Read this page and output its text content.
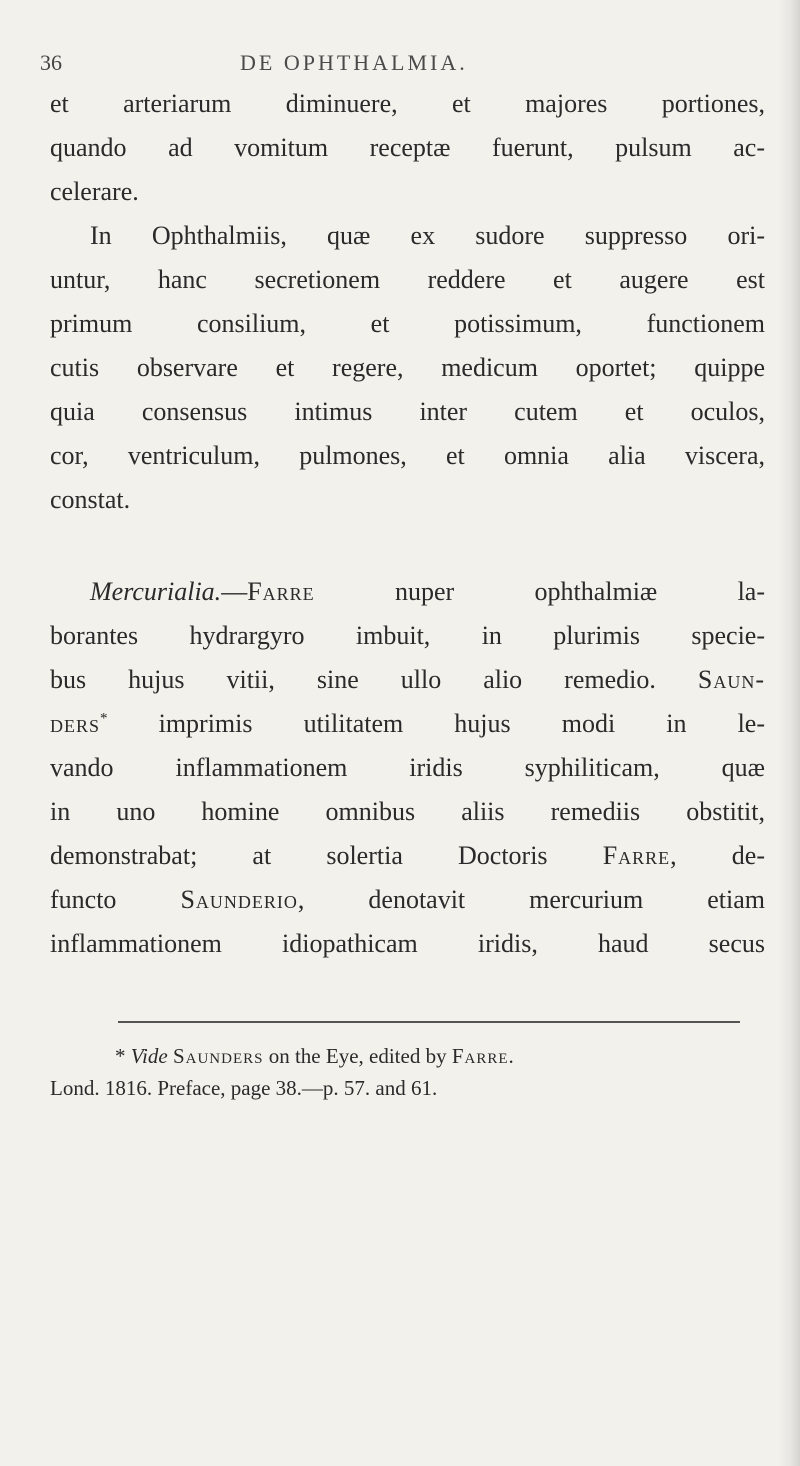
36	DE OPHTHALMIA.
et arteriarum diminuere, et majores portiones,
quando ad vomitum receptæ fuerunt, pulsum ac-
celerare.
In Ophthalmiis, quæ ex sudore suppresso ori-
untur, hanc secretionem reddere et augere est
primum consilium, et potissimum, functionem
cutis observare et regere, medicum oportet; quippe
quia consensus intimus inter cutem et oculos,
cor, ventriculum, pulmones, et omnia alia viscera,
constat.
Mercurialia.—Farre nuper ophthalmiæ la-
borantes hydrargyro imbuit, in plurimis specie-
bus hujus vitii, sine ullo alio remedio. Saun-
ders* imprimis utilitatem hujus modi in le-
vando inflammationem iridis syphiliticam, quæ
in uno homine omnibus aliis remediis obstitit,
demonstrabat; at solertia Doctoris Farre, de-
functo Saunderio, denotavit mercurium etiam
inflammationem idiopathicam iridis, haud secus
* Vide Saunders on the Eye, edited by Farre.
Lond. 1816. Preface, page 38.—p. 57. and 61.
